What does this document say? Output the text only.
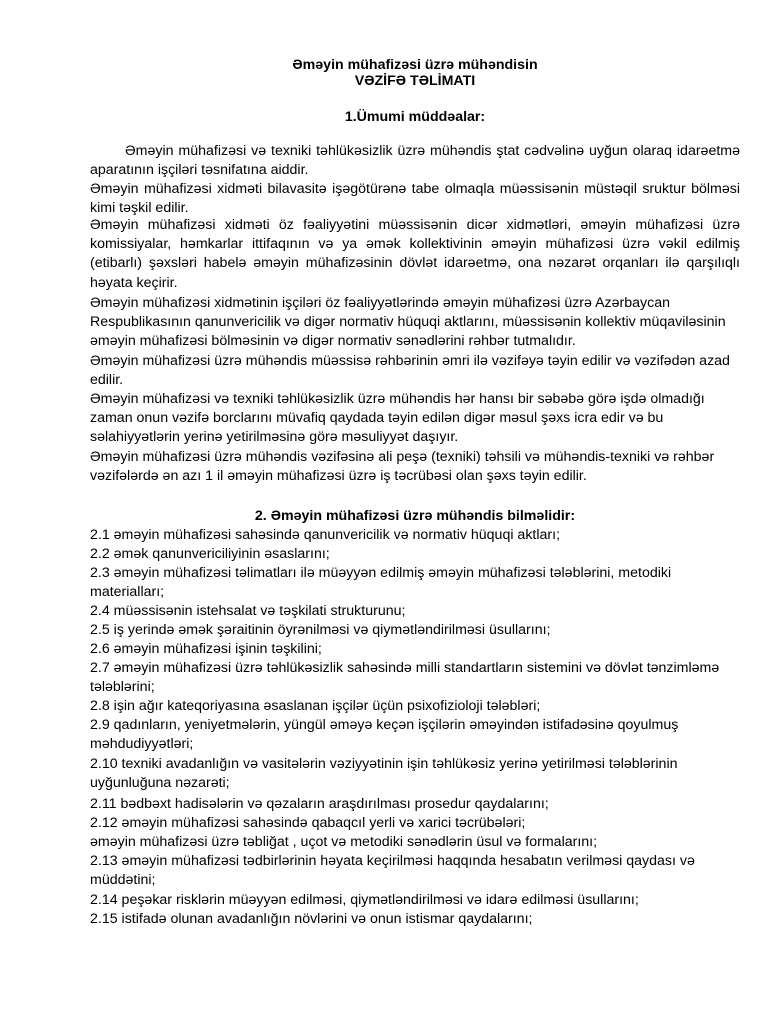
Əməyin mühafizəsi üzrə mühəndisin

VƏZİFƏ TƏLİMATI

1.Ümumi müddəalar:

Əməyin mühafizəsi və texniki təhlükəsizlik üzrə mühəndis ştat cədvəlinə uyğun olaraq idarəetmə aparatının işçiləri təsnifatına aiddir.

Əməyin mühafizəsi xidməti bilavasitə işəgötürənə tabe olmaqla müəssisənin müstəqil sruktur bölməsi kimi təşkil edilir.

Əməyin mühafizəsi xidməti öz fəaliyyətini müəssisənin dicər xidmətləri, əməyin mühafizəsi üzrə komissiyalar, həmkarlar ittifaqının və ya əmək kollektivinin əməyin mühafizəsi üzrə vəkil edilmiş (etibarlı) şəxsləri habelə əməyin mühafizəsinin dövlət idarəetmə, ona nəzarət orqanları ilə qarşılıqlı həyata keçirir.

Əməyin mühafizəsi xidmətinin işçiləri öz fəaliyyətlərində əməyin mühafizəsi üzrə Azərbaycan Respublikasının qanunvericilik və digər normativ hüquqi aktlarını, müəssisənin kollektiv müqaviləsinin əməyin mühafizəsi bölməsinin və digər normativ sənədlərini rəhbər tutmalıdır.

Əməyin mühafizəsi üzrə mühəndis müəssisə rəhbərinin əmri ilə vəzifəyə təyin edilir və vəzifədən azad edilir.

Əməyin mühafizəsi və texniki təhlükəsizlik üzrə mühəndis hər hansı bir səbəbə görə işdə olmadığı zaman onun vəzifə borclarını müvafiq qaydada təyin edilən digər məsul şəxs icra edir və bu səlahiyyətlərin yerinə yetirilməsinə görə məsuliyyət daşıyır.

Əməyin mühafizəsi üzrə mühəndis vəzifəsinə ali peşə (texniki) təhsili və mühəndis-texniki və rəhbər vəzifələrdə ən azı 1 il əməyin mühafizəsi üzrə iş təcrübəsi olan şəxs təyin edilir.

2. Əməyin mühafizəsi üzrə mühəndis bilməlidir:

2.1 əməyin mühafizəsi sahəsində qanunvericilik və normativ hüquqi aktları;

2.2 əmək qanunvericiliyinin əsaslarını;

2.3 əməyin mühafizəsi təlimatları ilə müəyyən edilmiş əməyin mühafizəsi tələblərini, metodiki materialları;

2.4 müəssisənin istehsalat və təşkilati strukturunu;

2.5 iş yerində əmək şəraitinin öyrənilməsi və qiymətləndirilməsi üsullarını;

2.6 əməyin mühafizəsi işinin təşkilini;

2.7 əməyin mühafizəsi üzrə təhlükəsizlik sahəsində milli standartların sistemini və dövlət tənzimləmə tələblərini;

2.8 işin ağır kateqoriyasına əsaslanan işçilər üçün psixofizioloji tələbləri;

2.9 qadınların, yeniyetmələrin, yüngül əməyə keçən işçilərin əməyindən istifadəsinə qoyulmuş məhdudiyyətləri;

2.10 texniki avadanlığın və vasitələrin vəziyyətinin işin təhlükəsiz yerinə yetirilməsi tələblərinin uyğunluğuna nəzarəti;

2.11 bədbəxt hadisələrin və qəzaların araşdırılması prosedur qaydalarını;

2.12 əməyin mühafizəsi sahəsində qabaqcıl yerli və xarici təcrübələri;

əməyin mühafizəsi üzrə təbliğat , uçot və metodiki sənədlərin üsul və formalarını;

2.13 əməyin mühafizəsi tədbirlərinin həyata keçirilməsi haqqında hesabatın verilməsi qaydası və müddətini;

2.14 peşəkar risklərin müəyyən edilməsi, qiymətləndirilməsi və idarə edilməsi üsullarını;

2.15 istifadə olunan avadanlığın növlərini və onun istismar qaydalarını;
